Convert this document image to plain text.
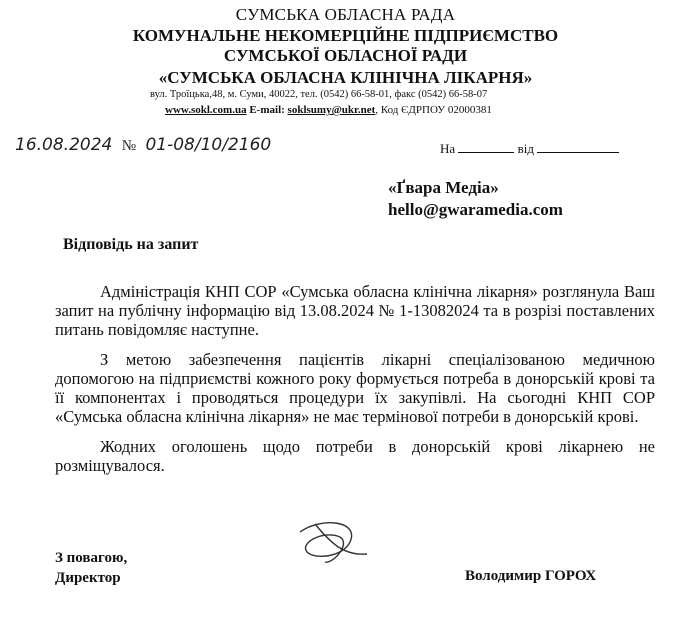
СУМСЬКА ОБЛАСНА РАДА
КОМУНАЛЬНЕ НЕКОМЕРЦІЙНЕ ПІДПРИЄМСТВО
СУМСЬКОЇ ОБЛАСНОЇ РАДИ
«СУМСЬКА ОБЛАСНА КЛІНІЧНА ЛІКАРНЯ»
вул. Троїцька,48, м. Суми, 40022, тел. (0542) 66-58-01, факс (0542) 66-58-07
www.sokl.com.ua E-mail: soklsumy@ukr.net, Код ЄДРПОУ 02000381
16.08.2024 № 01-08/10/2160	На	від
«Ґвара Медіа»
hello@gwaramedia.com
Відповідь на запит

Адміністрація КНП СОР «Сумська обласна клінічна лікарня» розглянула Ваш запит на публічну інформацію від 13.08.2024 № 1-13082024 та в розрізі поставлених питань повідомляє наступне.

З метою забезпечення пацієнтів лікарні спеціалізованою медичною допомогою на підприємстві кожного року формується потреба в донорській крові та її компонентах і проводяться процедури їх закупівлі. На сьогодні КНП СОР «Сумська обласна клінічна лікарня» не має термінової потреби в донорській крові.

Жодних оголошень щодо потреби в донорській крові лікарнею не розміщувалося.

З повагою,
Директор	Володимир ГОРОХ
